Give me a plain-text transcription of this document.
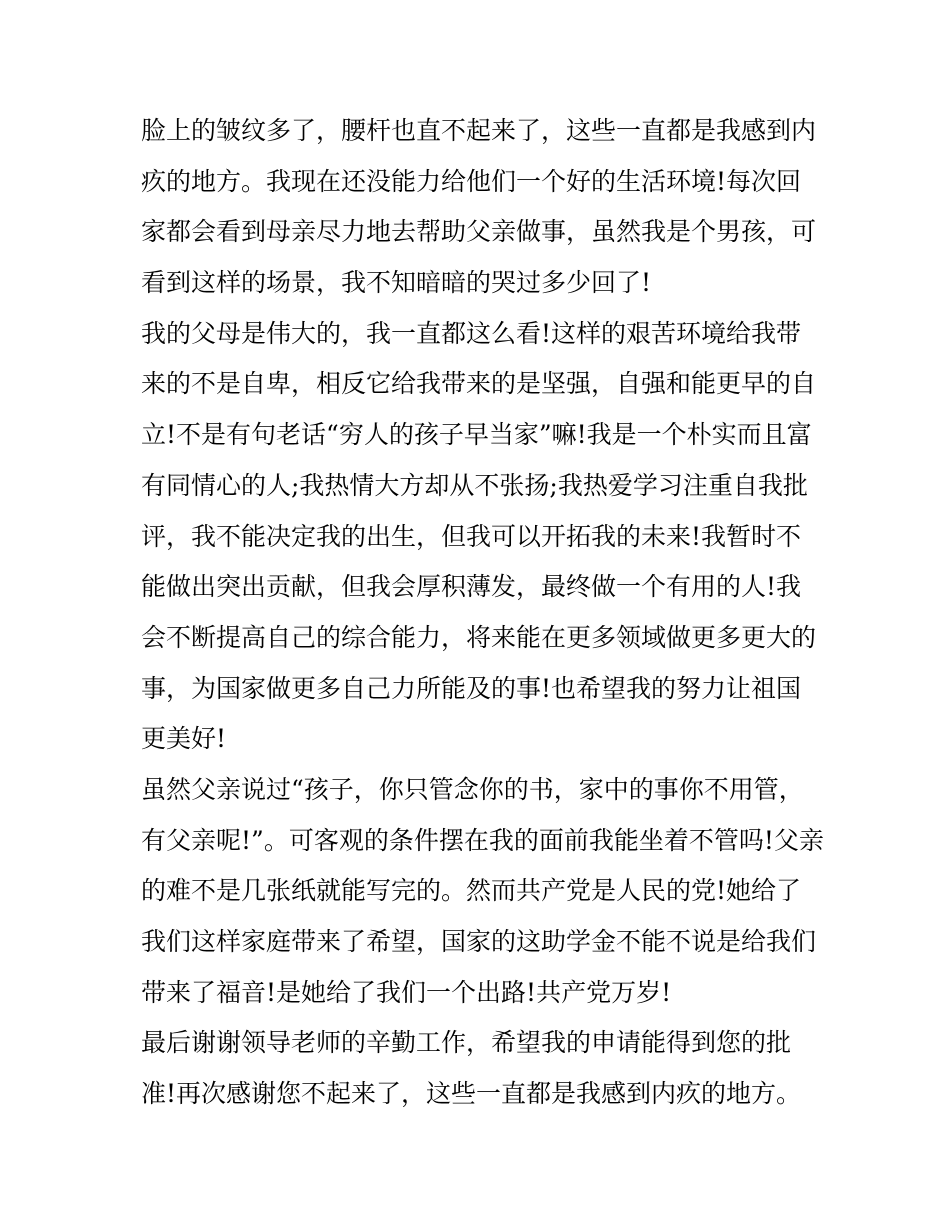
脸上的皱纹多了，腰杆也直不起来了，这些一直都是我感到内
疚的地方。我现在还没能力给他们一个好的生活环境!每次回
家都会看到母亲尽力地去帮助父亲做事，虽然我是个男孩，可
看到这样的场景，我不知暗暗的哭过多少回了!
我的父母是伟大的，我一直都这么看!这样的艰苦环境给我带
来的不是自卑，相反它给我带来的是坚强，自强和能更早的自
立!不是有句老话“穷人的孩子早当家”嘛!我是一个朴实而且富
有同情心的人;我热情大方却从不张扬;我热爱学习注重自我批
评，我不能决定我的出生，但我可以开拓我的未来!我暂时不
能做出突出贡献，但我会厚积薄发，最终做一个有用的人!我
会不断提高自己的综合能力，将来能在更多领域做更多更大的
事，为国家做更多自己力所能及的事!也希望我的努力让祖国
更美好!
虽然父亲说过“孩子，你只管念你的书，家中的事你不用管，
有父亲呢!”。可客观的条件摆在我的面前我能坐着不管吗!父亲
的难不是几张纸就能写完的。然而共产党是人民的党!她给了
我们这样家庭带来了希望，国家的这助学金不能不说是给我们
带来了福音!是她给了我们一个出路!共产党万岁!
最后谢谢领导老师的辛勤工作，希望我的申请能得到您的批
准!再次感谢您不起来了，这些一直都是我感到内疚的地方。
